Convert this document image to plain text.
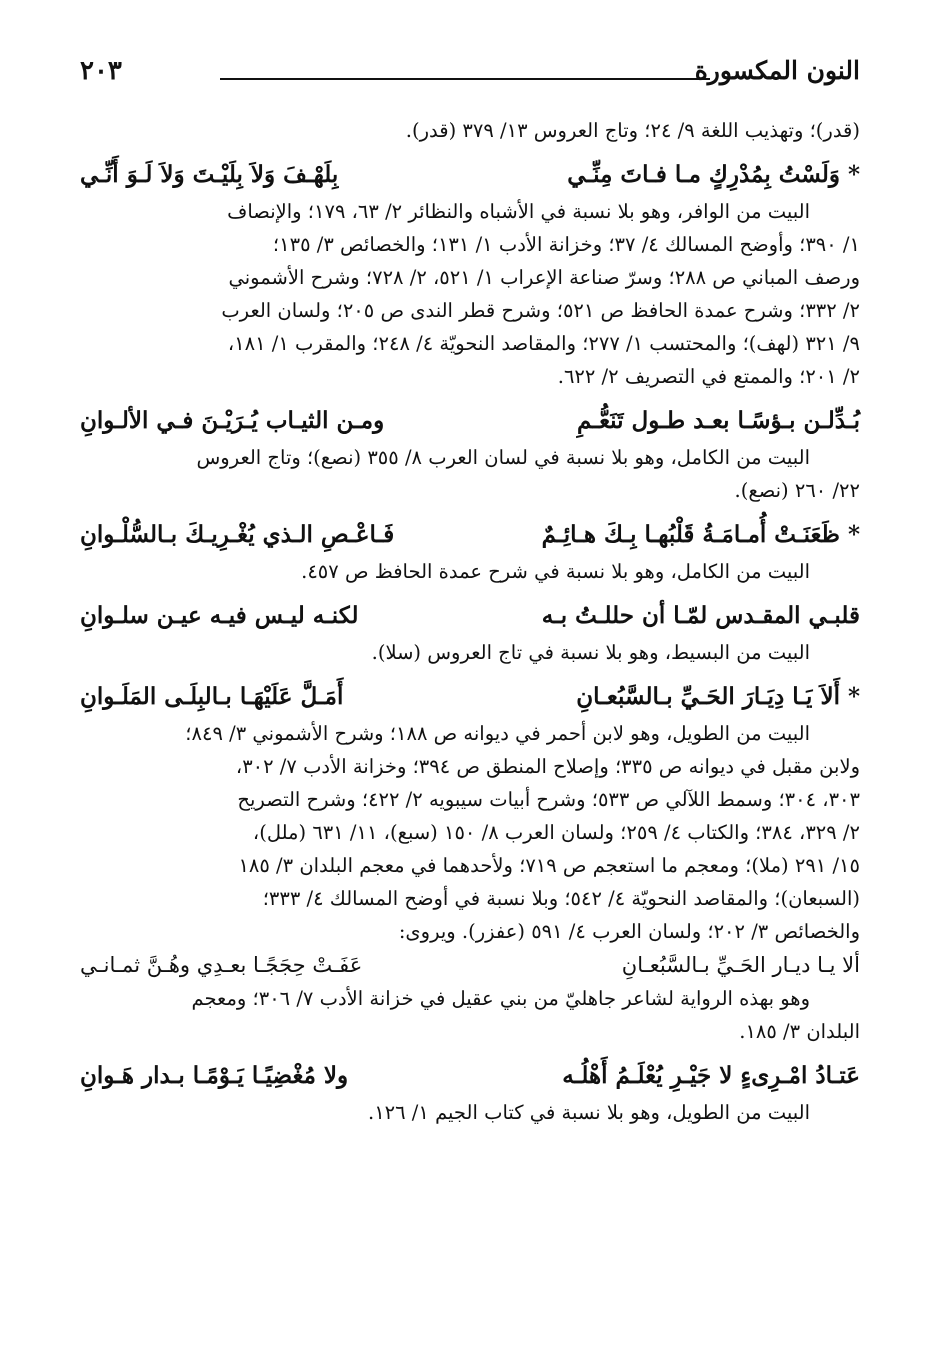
النون المكسورة
٢٠٣

(قدر)؛ وتهذيب اللغة ٩/ ٢٤؛ وتاج العروس ١٣/ ٣٧٩ (قدر).

* وَلَسْتُ بِمُدْرِكٍ مـا فـاتَ مِنِّـي
بِلَهْـفَ وَلاَ بِلَيْـتَ وَلاَ لَـوَ أَنِّـي

البيت من الوافر، وهو بلا نسبة في الأشباه والنظائر ٢/ ٦٣، ١٧٩؛ والإنصاف

١/ ٣٩٠؛ وأوضح المسالك ٤/ ٣٧؛ وخزانة الأدب ١/ ١٣١؛ والخصائص ٣/ ١٣٥؛

ورصف المباني ص ٢٨٨؛ وسرّ صناعة الإعراب ١/ ٥٢١، ٢/ ٧٢٨؛ وشرح الأشموني

٢/ ٣٣٢؛ وشرح عمدة الحافظ ص ٥٢١؛ وشرح قطر الندى ص ٢٠٥؛ ولسان العرب

٩/ ٣٢١ (لهف)؛ والمحتسب ١/ ٢٧٧؛ والمقاصد النحويّة ٤/ ٢٤٨؛ والمقرب ١/ ١٨١،

٢/ ٢٠١؛ والممتع في التصريف ٢/ ٦٢٢.

بُـدِّلـن بـؤسًـا بعـد طـول تَنَعُّـمِ
ومـن الثيـاب يُـرَيْـنَ فـي الألـوانِ

البيت من الكامل، وهو بلا نسبة في لسان العرب ٨/ ٣٥٥ (نصع)؛ وتاج العروس

٢٢/ ٢٦٠ (نصع).

* ظَعَنَـتْ أُمـامَـةُ قَلْبُهـا بِـكَ هـائِـمٌ
فَـاعْـصِ الـذي يُغْـرِيـكَ بـالسُّلْـوانِ

البيت من الكامل، وهو بلا نسبة في شرح عمدة الحافظ ص ٤٥٧.

قلبـي المقـدس لمّـا أن حللـتُ بـه
لكنـه ليـس فيـه عيـن سلـوانِ

البيت من البسيط، وهو بلا نسبة في تاج العروس (سلا).

* أَلاَ يَـا دِيَـارَ الحَـيِّ بـالسَّبُعـانِ
أَمَـلَّ عَلَيْهَـا بـالبِلَـى المَلَـوانِ

البيت من الطويل، وهو لابن أحمر في ديوانه ص ١٨٨؛ وشرح الأشموني ٣/ ٨٤٩؛

ولابن مقبل في ديوانه ص ٣٣٥؛ وإصلاح المنطق ص ٣٩٤؛ وخزانة الأدب ٧/ ٣٠٢،

٣٠٣، ٣٠٤؛ وسمط اللآلي ص ٥٣٣؛ وشرح أبيات سيبويه ٢/ ٤٢٢؛ وشرح التصريح

٢/ ٣٢٩، ٣٨٤؛ والكتاب ٤/ ٢٥٩؛ ولسان العرب ٨/ ١٥٠ (سبع)، ١١/ ٦٣١ (ملل)،

١٥/ ٢٩١ (ملا)؛ ومعجم ما استعجم ص ٧١٩؛ ولأحدهما في معجم البلدان ٣/ ١٨٥

(السبعان)؛ والمقاصد النحويّة ٤/ ٥٤٢؛ وبلا نسبة في أوضح المسالك ٤/ ٣٣٣؛

والخصائص ٣/ ٢٠٢؛ ولسان العرب ٤/ ٥٩١ (عفزر). ويروى:

ألا يـا ديـار الحَـيِّ بـالسَّبُعـانِ
عَفَـتْ حِجَجًـا بعـدِي وهُـنَّ ثمـانـي

وهو بهذه الرواية لشاعر جاهليّ من بني عقيل في خزانة الأدب ٧/ ٣٠٦؛ ومعجم

البلدان ٣/ ١٨٥.

عَتـادُ امْـرِىءٍ لا جَيْـرِ يُعْلَـمُ أَهْلُـه
ولا مُغْضِيًـا يَـوْمًـا بـدار هَـوانِ

البيت من الطويل، وهو بلا نسبة في كتاب الجيم ١/ ١٢٦.
